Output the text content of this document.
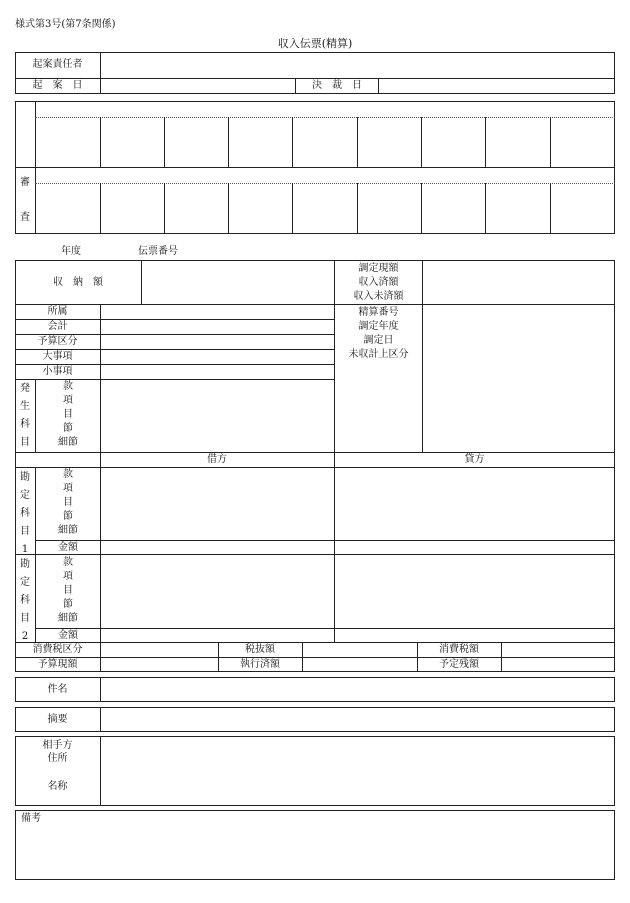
様式第3号(第7条関係)
収入伝票(精算)
起案責任者
起　案　日	決　裁　日
審
査
年度	伝票番号
収　納　額
調定現額
収入済額
収入未済額
所属
会計
予算区分
大事項
小事項
精算番号
調定年度
調定日
未収計上区分
発
生
科
目
款
項
目
節
細節
借方	貸方
勘
定
科
目
1
款
項
目
節
細節
金額
勘
定
科
目
2
款
項
目
節
細節
金額
消費税区分	税抜額	消費税額
予算現額	執行済額	予定残額
件名
摘要
相手方
住所
名称
備考
